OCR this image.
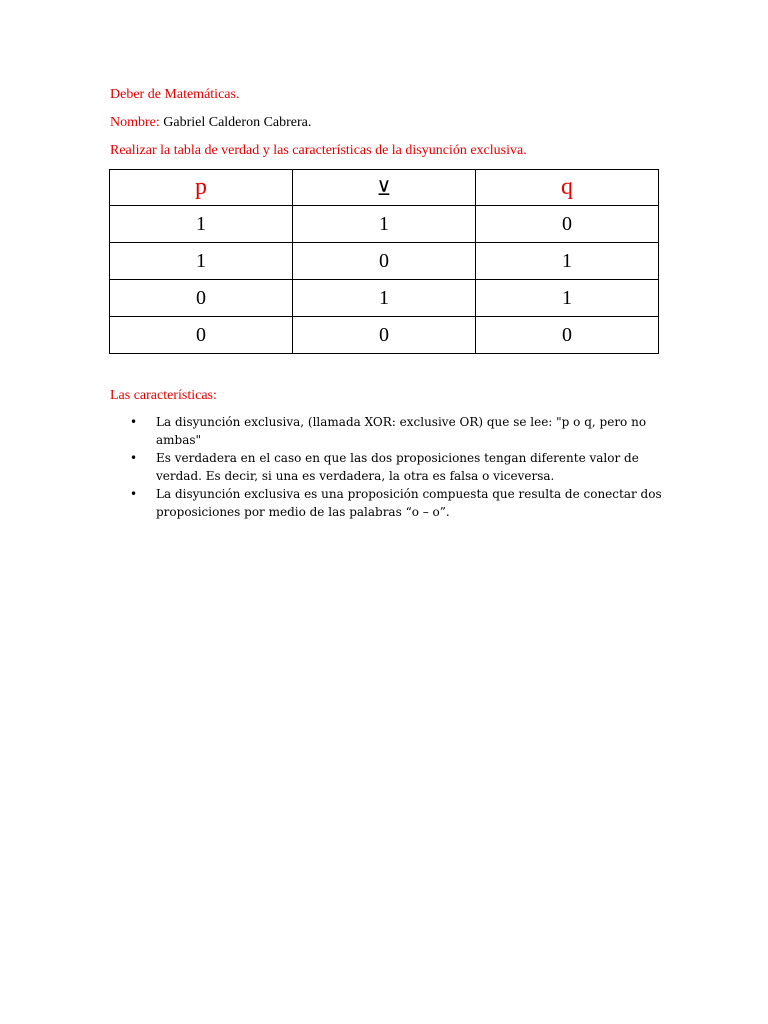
Deber de Matemáticas.
Nombre: Gabriel Calderon Cabrera.
Realizar la tabla de verdad y las características de la disyunción exclusiva.
p	⊻	q
1	1	0
1	0	1
0	1	1
0	0	0
Las características:
• La disyunción exclusiva, (llamada XOR: exclusive OR) que se lee: "p o q, pero no ambas"
• Es verdadera en el caso en que las dos proposiciones tengan diferente valor de verdad. Es decir, si una es verdadera, la otra es falsa o viceversa.
• La disyunción exclusiva es una proposición compuesta que resulta de conectar dos proposiciones por medio de las palabras “o – o”.
